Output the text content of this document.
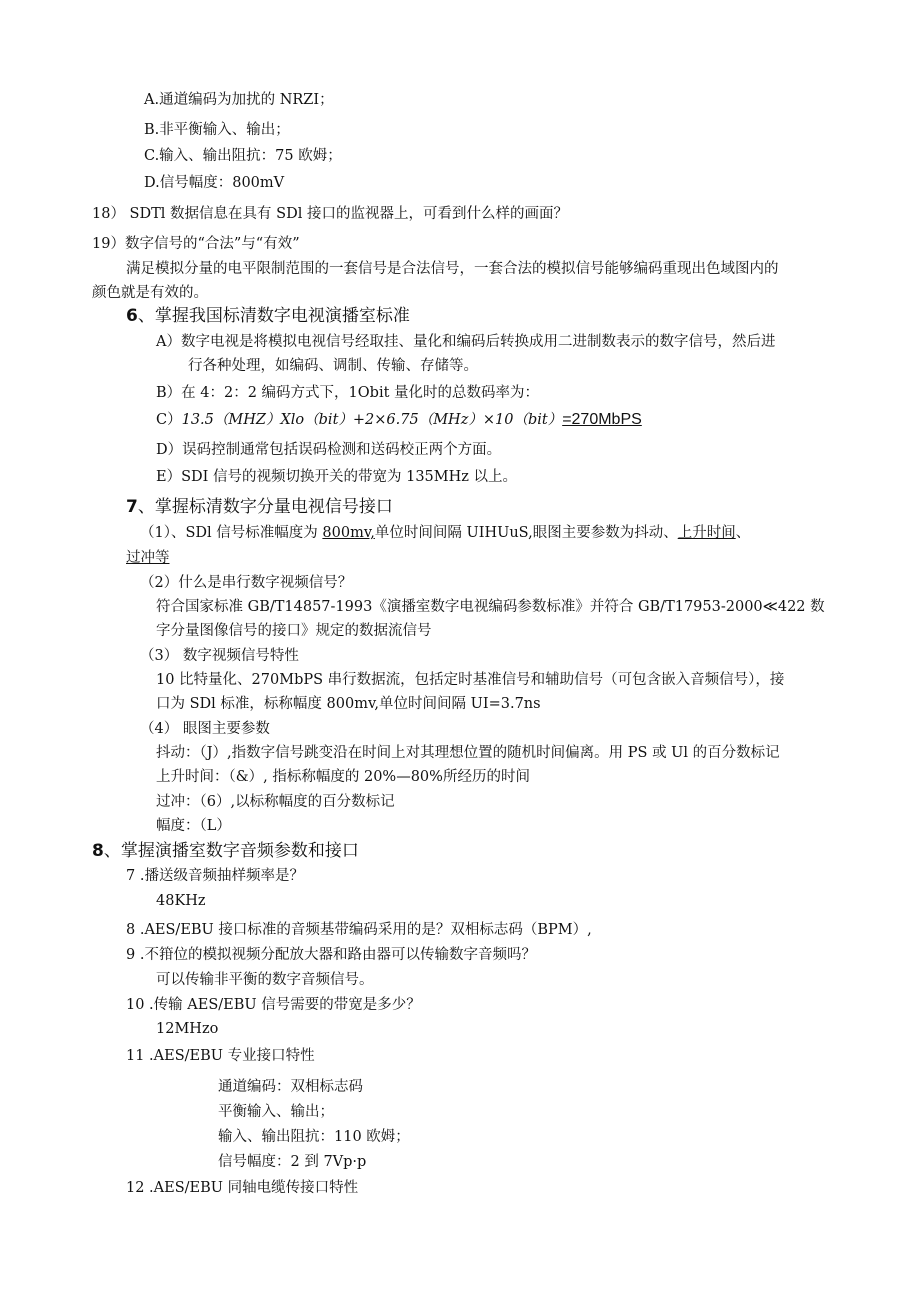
A.通道编码为加扰的 NRZI；
B.非平衡输入、输出；
C.输入、输出阻抗：75 欧姆；
D.信号幅度：800mV
18） SDTl 数据信息在具有 SDl 接口的监视器上，可看到什么样的画面？
19）数字信号的“合法”与“有效”
满足模拟分量的电平限制范围的一套信号是合法信号，一套合法的模拟信号能够编码重现出色域图内的
颜色就是有效的。
6、掌握我国标清数字电视演播室标准
A）数字电视是将模拟电视信号经取挂、量化和编码后转换成用二进制数表示的数字信号，然后进
行各种处理，如编码、调制、传输、存储等。
B）在 4：2：2 编码方式下，1Obit 量化时的总数码率为：
C）13.5（MHZ）Xlo（bit）+2×6.75（MHz）×10（bit）=270MbPS
D）误码控制通常包括误码检测和送码校正两个方面。
E）SDI 信号的视频切换开关的带宽为 135MHz 以上。
7、掌握标清数字分量电视信号接口
（1）、SDl 信号标准幅度为 800mv,单位时间间隔 UIHUuS,眼图主要参数为抖动、上升时间、
过冲等
（2）什么是串行数字视频信号？
符合国家标准 GB/T14857-1993《演播室数字电视编码参数标准》并符合 GB/T17953-2000≪422 数
字分量图像信号的接口》规定的数据流信号
（3） 数字视频信号特性
10 比特量化、270MbPS 串行数据流，包括定时基准信号和辅助信号（可包含嵌入音频信号），接
口为 SDl 标准，标称幅度 800mv,单位时间间隔 UI=3.7ns
（4） 眼图主要参数
抖动：（J）,指数字信号跳变沿在时间上对其理想位置的随机时间偏离。用 PS 或 Ul 的百分数标记
上升时间：（&）, 指标称幅度的 20%—80%所经历的时间
过冲：（6）,以标称幅度的百分数标记
幅度：（L）
8、掌握演播室数字音频参数和接口
7 .播送级音频抽样频率是？
48KHz
8 .AES/EBU 接口标准的音频基带编码采用的是？双相标志码（BPM）,
9 .不箝位的模拟视频分配放大器和路由器可以传输数字音频吗？
可以传输非平衡的数字音频信号。
10 .传输 AES/EBU 信号需要的带宽是多少？
12MHzo
11 .AES/EBU 专业接口特性
通道编码：双相标志码
平衡输入、输出；
输入、输出阻抗：110 欧姆；
信号幅度：2 到 7Vp·p
12 .AES/EBU 同轴电缆传接口特性
